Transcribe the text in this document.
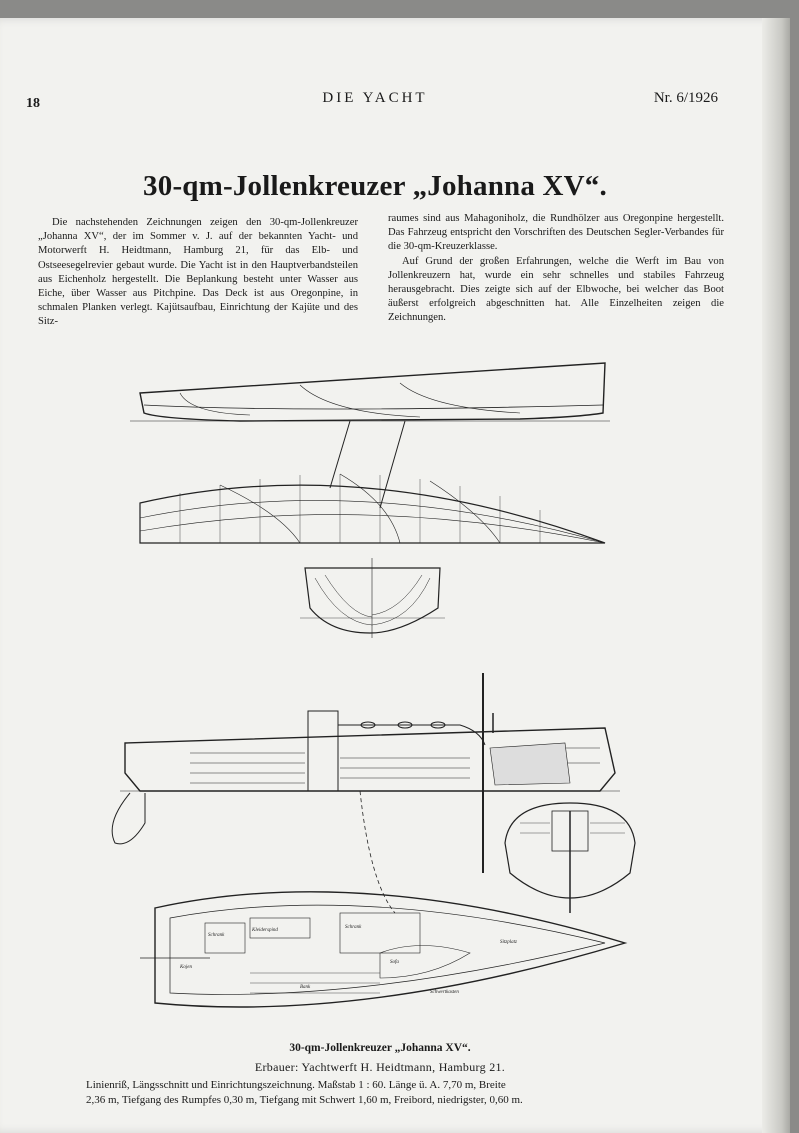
18	DIE YACHT	Nr. 6/1926
30-qm-Jollenkreuzer „Johanna XV“.

Die nachstehenden Zeichnungen zeigen den 30-qm-Jollenkreuzer „Johanna XV“, der im Sommer v. J. auf der bekannten Yacht- und Motorwerft H. Heidtmann, Hamburg 21, für das Elb- und Ostseesegelrevier gebaut wurde. Die Yacht ist in den Hauptverbandsteilen aus Eichenholz hergestellt. Die Beplankung besteht unter Wasser aus Eiche, über Wasser aus Pitchpine. Das Deck ist aus Oregonpine, in schmalen Planken verlegt. Kajütsaufbau, Einrichtung der Kajüte und des Sitz-

raumes sind aus Mahagoniholz, die Rundhölzer aus Oregonpine hergestellt. Das Fahrzeug entspricht den Vorschriften des Deutschen Segler-Verbandes für die 30-qm-Kreuzerklasse.

Auf Grund der großen Erfahrungen, welche die Werft im Bau von Jollenkreuzern hat, wurde ein sehr schnelles und stabiles Fahrzeug herausgebracht. Dies zeigte sich auf der Elbwoche, bei welcher das Boot äußerst erfolgreich abgeschnitten hat. Alle Einzelheiten zeigen die Zeichnungen.

Schrank
Kleiderspind
Schrank
Sofa
Kojen
Sitzplatz
Bank
Schwertkasten
30-qm-Jollenkreuzer „Johanna XV“.
Erbauer: Yachtwerft H. Heidtmann, Hamburg 21.
Linienriß, Längsschnitt und Einrichtungszeichnung. Maßstab 1 : 60. Länge ü. A. 7,70 m, Breite
2,36 m, Tiefgang des Rumpfes 0,30 m, Tiefgang mit Schwert 1,60 m, Freibord, niedrigster, 0,60 m.
